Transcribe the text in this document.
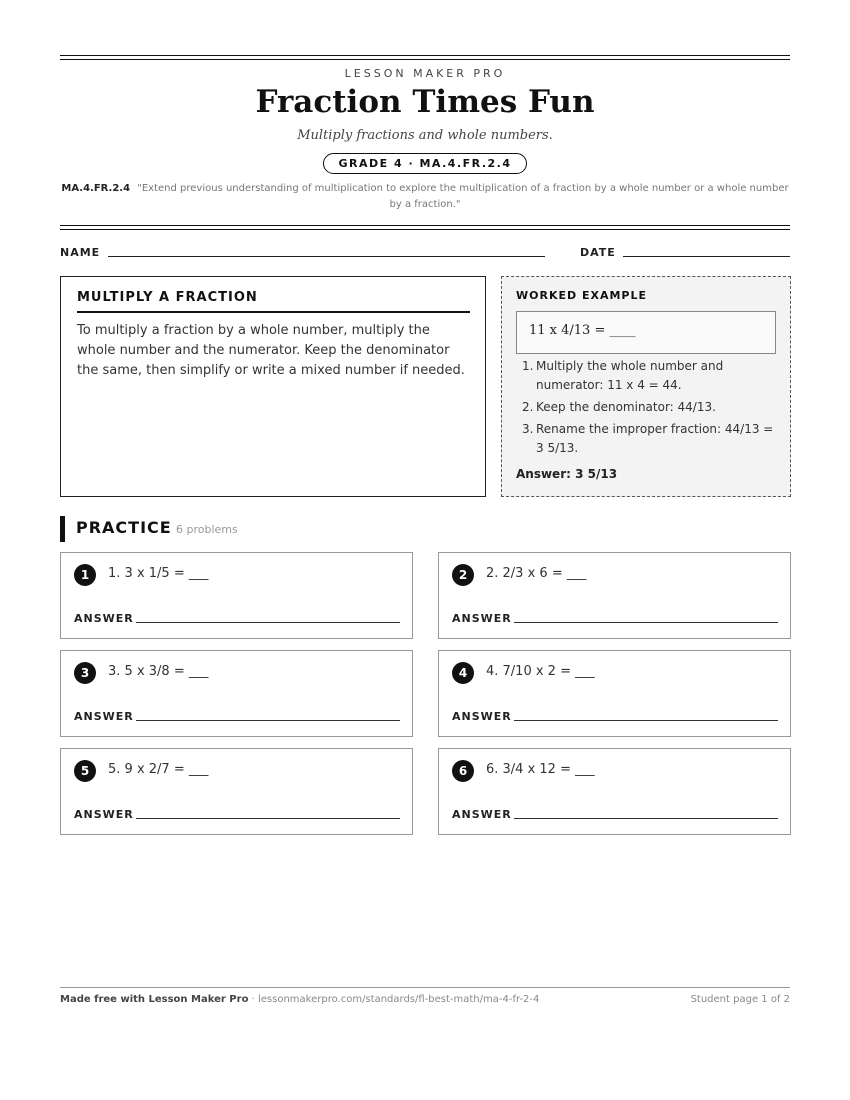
LESSON MAKER PRO
Fraction Times Fun
Multiply fractions and whole numbers.
GRADE 4 · MA.4.FR.2.4
MA.4.FR.2.4 "Extend previous understanding of multiplication to explore the multiplication of a fraction by a whole number or a whole number by a fraction."
NAME	DATE
MULTIPLY A FRACTION
To multiply a fraction by a whole number, multiply the whole number and the numerator. Keep the denominator the same, then simplify or write a mixed number if needed.
WORKED EXAMPLE
11 x 4/13 = ____
1. Multiply the whole number and numerator: 11 x 4 = 44.
2. Keep the denominator: 44/13.
3. Rename the improper fraction: 44/13 = 3 5/13.
Answer: 3 5/13
PRACTICE 6 problems
1	1. 3 x 1/5 = ___
ANSWER
2	2. 2/3 x 6 = ___
ANSWER
3	3. 5 x 3/8 = ___
ANSWER
4	4. 7/10 x 2 = ___
ANSWER
5	5. 9 x 2/7 = ___
ANSWER
6	6. 3/4 x 12 = ___
ANSWER
Made free with Lesson Maker Pro · lessonmakerpro.com/standards/fl-best-math/ma-4-fr-2-4	Student page 1 of 2
